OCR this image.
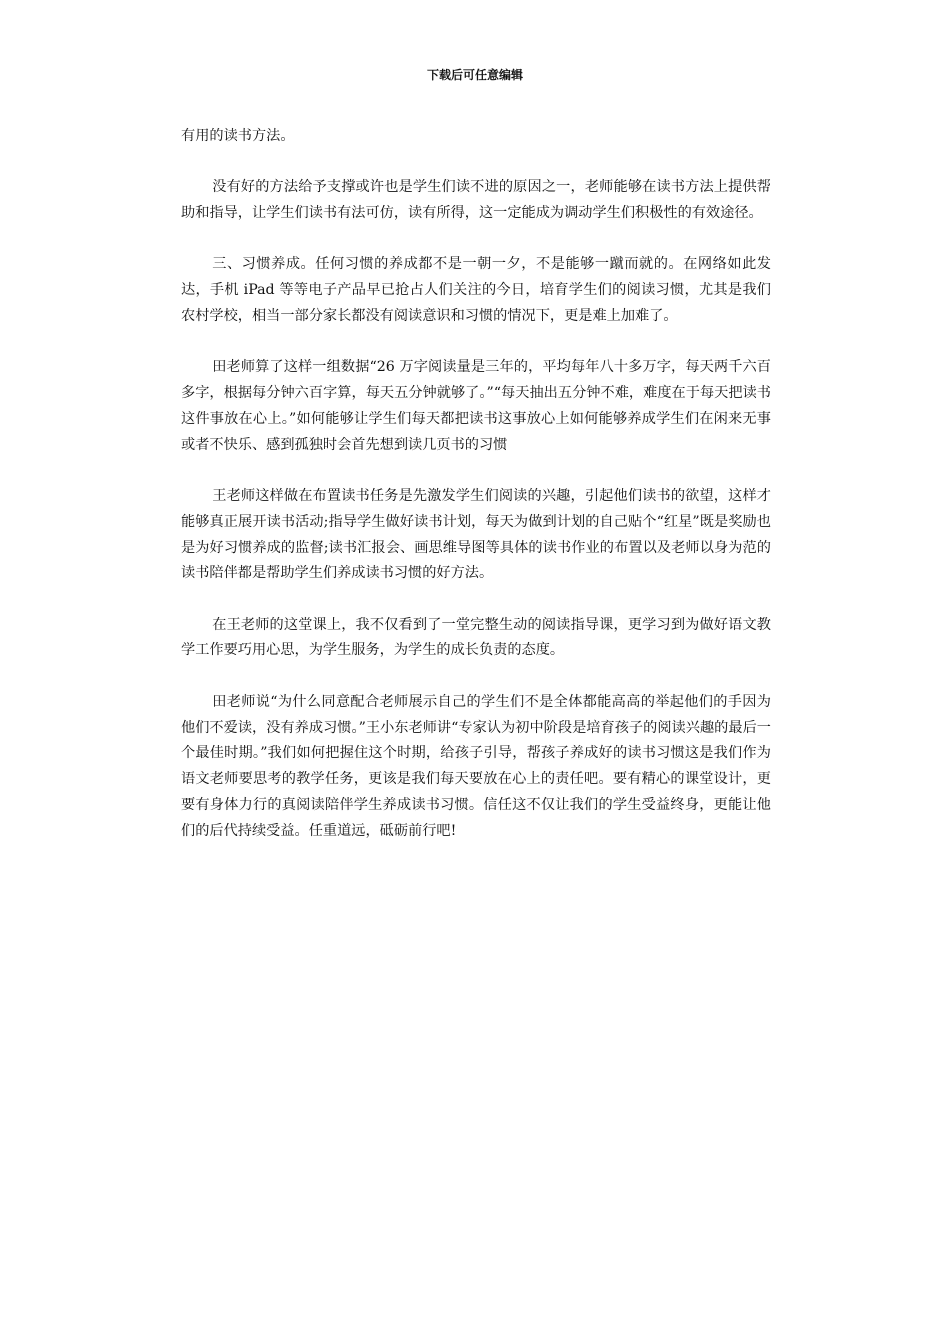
下载后可任意编辑

有用的读书方法。

没有好的方法给予支撑或许也是学生们读不进的原因之一，老师能够在读书方法上提供帮助和指导，让学生们读书有法可仿，读有所得，这一定能成为调动学生们积极性的有效途径。

三、习惯养成。任何习惯的养成都不是一朝一夕，不是能够一蹴而就的。在网络如此发达，手机 iPad 等等电子产品早已抢占人们关注的今日，培育学生们的阅读习惯，尤其是我们农村学校，相当一部分家长都没有阅读意识和习惯的情况下，更是难上加难了。

田老师算了这样一组数据“26 万字阅读量是三年的，平均每年八十多万字，每天两千六百多字，根据每分钟六百字算，每天五分钟就够了。”“每天抽出五分钟不难，难度在于每天把读书这件事放在心上。”如何能够让学生们每天都把读书这事放心上如何能够养成学生们在闲来无事或者不快乐、感到孤独时会首先想到读几页书的习惯

王老师这样做在布置读书任务是先激发学生们阅读的兴趣，引起他们读书的欲望，这样才能够真正展开读书活动;指导学生做好读书计划，每天为做到计划的自己贴个“红星”既是奖励也是为好习惯养成的监督;读书汇报会、画思维导图等具体的读书作业的布置以及老师以身为范的读书陪伴都是帮助学生们养成读书习惯的好方法。

在王老师的这堂课上，我不仅看到了一堂完整生动的阅读指导课，更学习到为做好语文教学工作要巧用心思，为学生服务，为学生的成长负责的态度。

田老师说“为什么同意配合老师展示自己的学生们不是全体都能高高的举起他们的手因为他们不爱读，没有养成习惯。”王小东老师讲“专家认为初中阶段是培育孩子的阅读兴趣的最后一个最佳时期。”我们如何把握住这个时期，给孩子引导，帮孩子养成好的读书习惯这是我们作为语文老师要思考的教学任务，更该是我们每天要放在心上的责任吧。要有精心的课堂设计，更要有身体力行的真阅读陪伴学生养成读书习惯。信任这不仅让我们的学生受益终身，更能让他们的后代持续受益。任重道远，砥砺前行吧!
